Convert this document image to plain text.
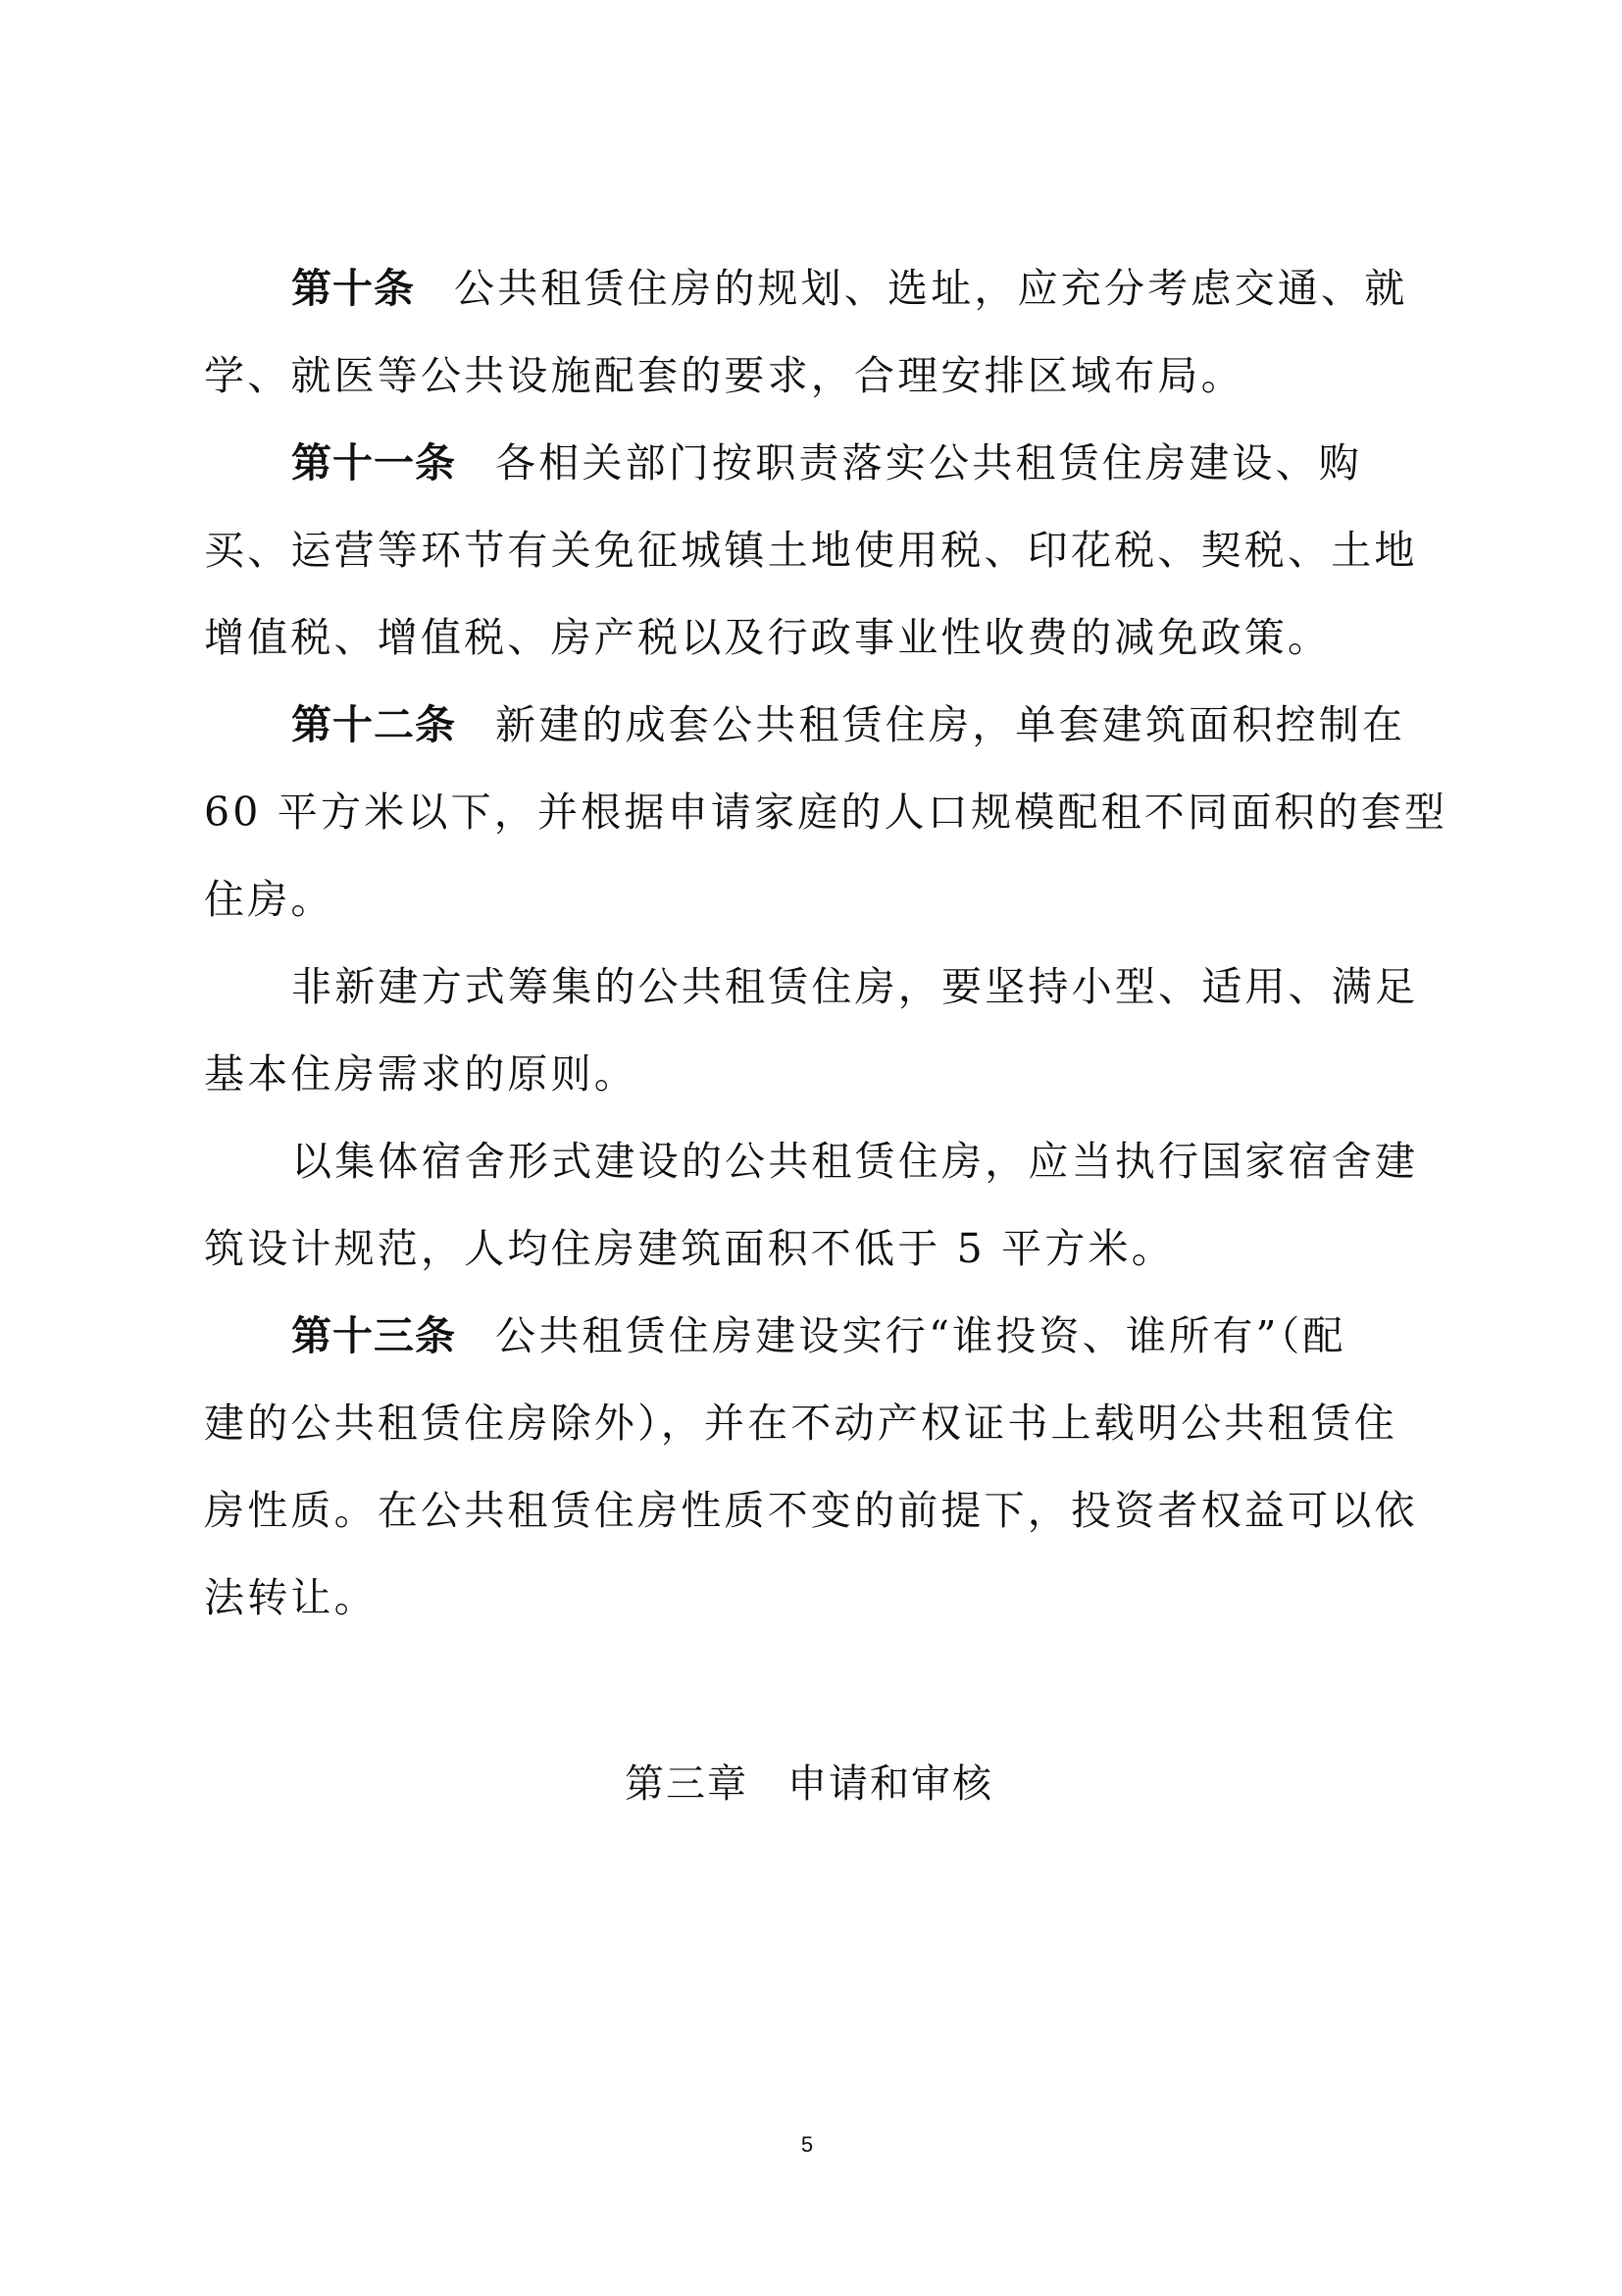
第十条 公共租赁住房的规划、选址，应充分考虑交通、就
学、就医等公共设施配套的要求，合理安排区域布局。
第十一条 各相关部门按职责落实公共租赁住房建设、购
买、运营等环节有关免征城镇土地使用税、印花税、契税、土地
增值税、增值税、房产税以及行政事业性收费的减免政策。
第十二条 新建的成套公共租赁住房，单套建筑面积控制在
60 平方米以下，并根据申请家庭的人口规模配租不同面积的套型
住房。
非新建方式筹集的公共租赁住房，要坚持小型、适用、满足
基本住房需求的原则。
以集体宿舍形式建设的公共租赁住房，应当执行国家宿舍建
筑设计规范，人均住房建筑面积不低于 5 平方米。
第十三条 公共租赁住房建设实行“谁投资、谁所有”（配
建的公共租赁住房除外），并在不动产权证书上载明公共租赁住
房性质。在公共租赁住房性质不变的前提下，投资者权益可以依
法转让。
第三章 申请和审核
5
